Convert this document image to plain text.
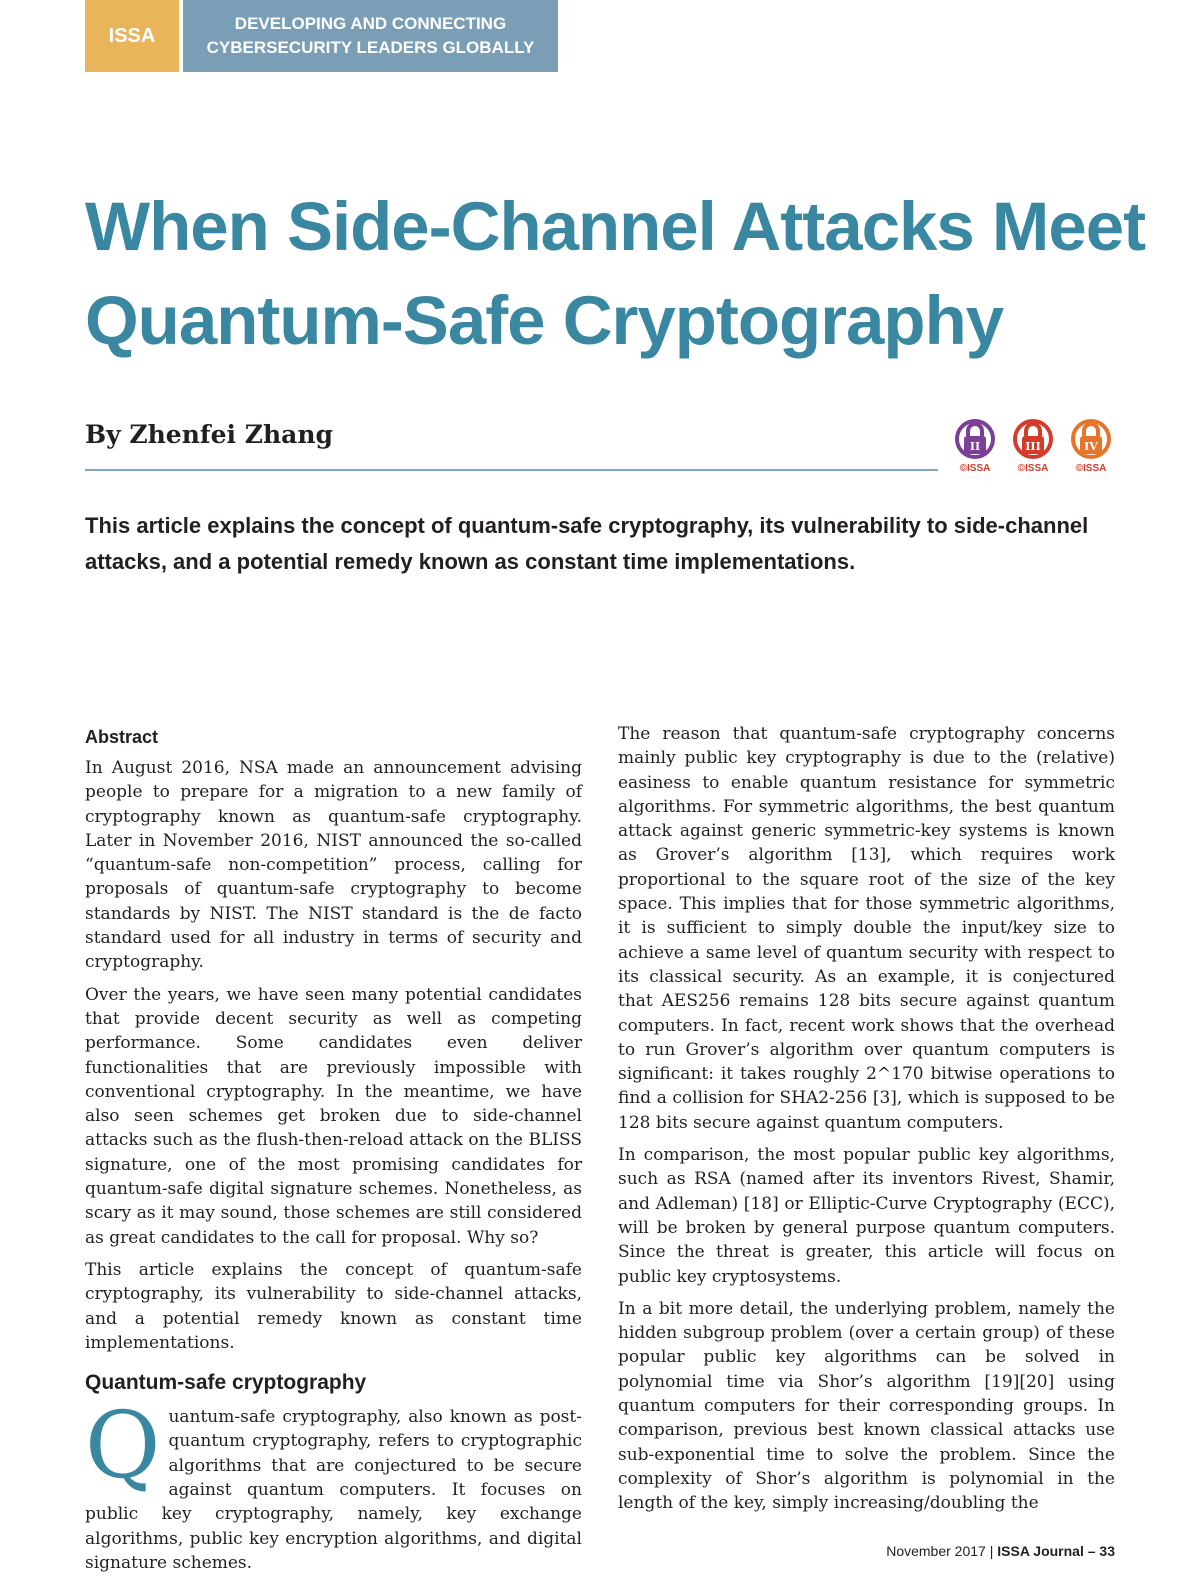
ISSA
DEVELOPING AND CONNECTING
CYBERSECURITY LEADERS GLOBALLY
When Side-Channel Attacks Meet
Quantum-Safe Cryptography
By Zhenfei Zhang	II
©ISSA
III
©ISSA
IV
©ISSA
This article explains the concept of quantum-safe cryptography, its vulnerability to side-channel attacks, and a potential remedy known as constant time implementations.
Abstract

In August 2016, NSA made an announcement advising people to prepare for a migration to a new family of cryptography known as quantum-safe cryptography. Later in November 2016, NIST announced the so-called “quantum-safe non-competition” process, calling for proposals of quantum-safe cryptography to become standards by NIST. The NIST standard is the de facto standard used for all industry in terms of security and cryptography.

Over the years, we have seen many potential candidates that provide decent security as well as competing performance. Some candidates even deliver functionalities that are previously impossible with conventional cryptography. In the meantime, we have also seen schemes get broken due to side-channel attacks such as the flush-then-reload attack on the BLISS signature, one of the most promising candidates for quantum-safe digital signature schemes. Nonetheless, as scary as it may sound, those schemes are still considered as great candidates to the call for proposal. Why so?

This article explains the concept of quantum-safe cryptography, its vulnerability to side-channel attacks, and a potential remedy known as constant time implementations.

Quantum-safe cryptography

Quantum-safe cryptography, also known as post-quantum cryptography, refers to cryptographic algorithms that are conjectured to be secure against quantum computers. It focuses on public key cryptography, namely, key exchange algorithms, public key encryption algorithms, and digital signature schemes.

The reason that quantum-safe cryptography concerns mainly public key cryptography is due to the (relative) easiness to enable quantum resistance for symmetric algorithms. For symmetric algorithms, the best quantum attack against generic symmetric-key systems is known as Grover’s algorithm [13], which requires work proportional to the square root of the size of the key space. This implies that for those symmetric algorithms, it is sufficient to simply double the input/key size to achieve a same level of quantum security with respect to its classical security. As an example, it is conjectured that AES256 remains 128 bits secure against quantum computers. In fact, recent work shows that the overhead to run Grover’s algorithm over quantum computers is significant: it takes roughly 2^170 bitwise operations to find a collision for SHA2-256 [3], which is supposed to be 128 bits secure against quantum computers.

In comparison, the most popular public key algorithms, such as RSA (named after its inventors Rivest, Shamir, and Adleman) [18] or Elliptic-Curve Cryptography (ECC), will be broken by general purpose quantum computers. Since the threat is greater, this article will focus on public key cryptosystems.

In a bit more detail, the underlying problem, namely the hidden subgroup problem (over a certain group) of these popular public key algorithms can be solved in polynomial time via Shor’s algorithm [19][20] using quantum computers for their corresponding groups. In comparison, previous best known classical attacks use sub-exponential time to solve the problem. Since the complexity of Shor’s algorithm is polynomial in the length of the key, simply increasing/doubling the

November 2017 | ISSA Journal – 33
